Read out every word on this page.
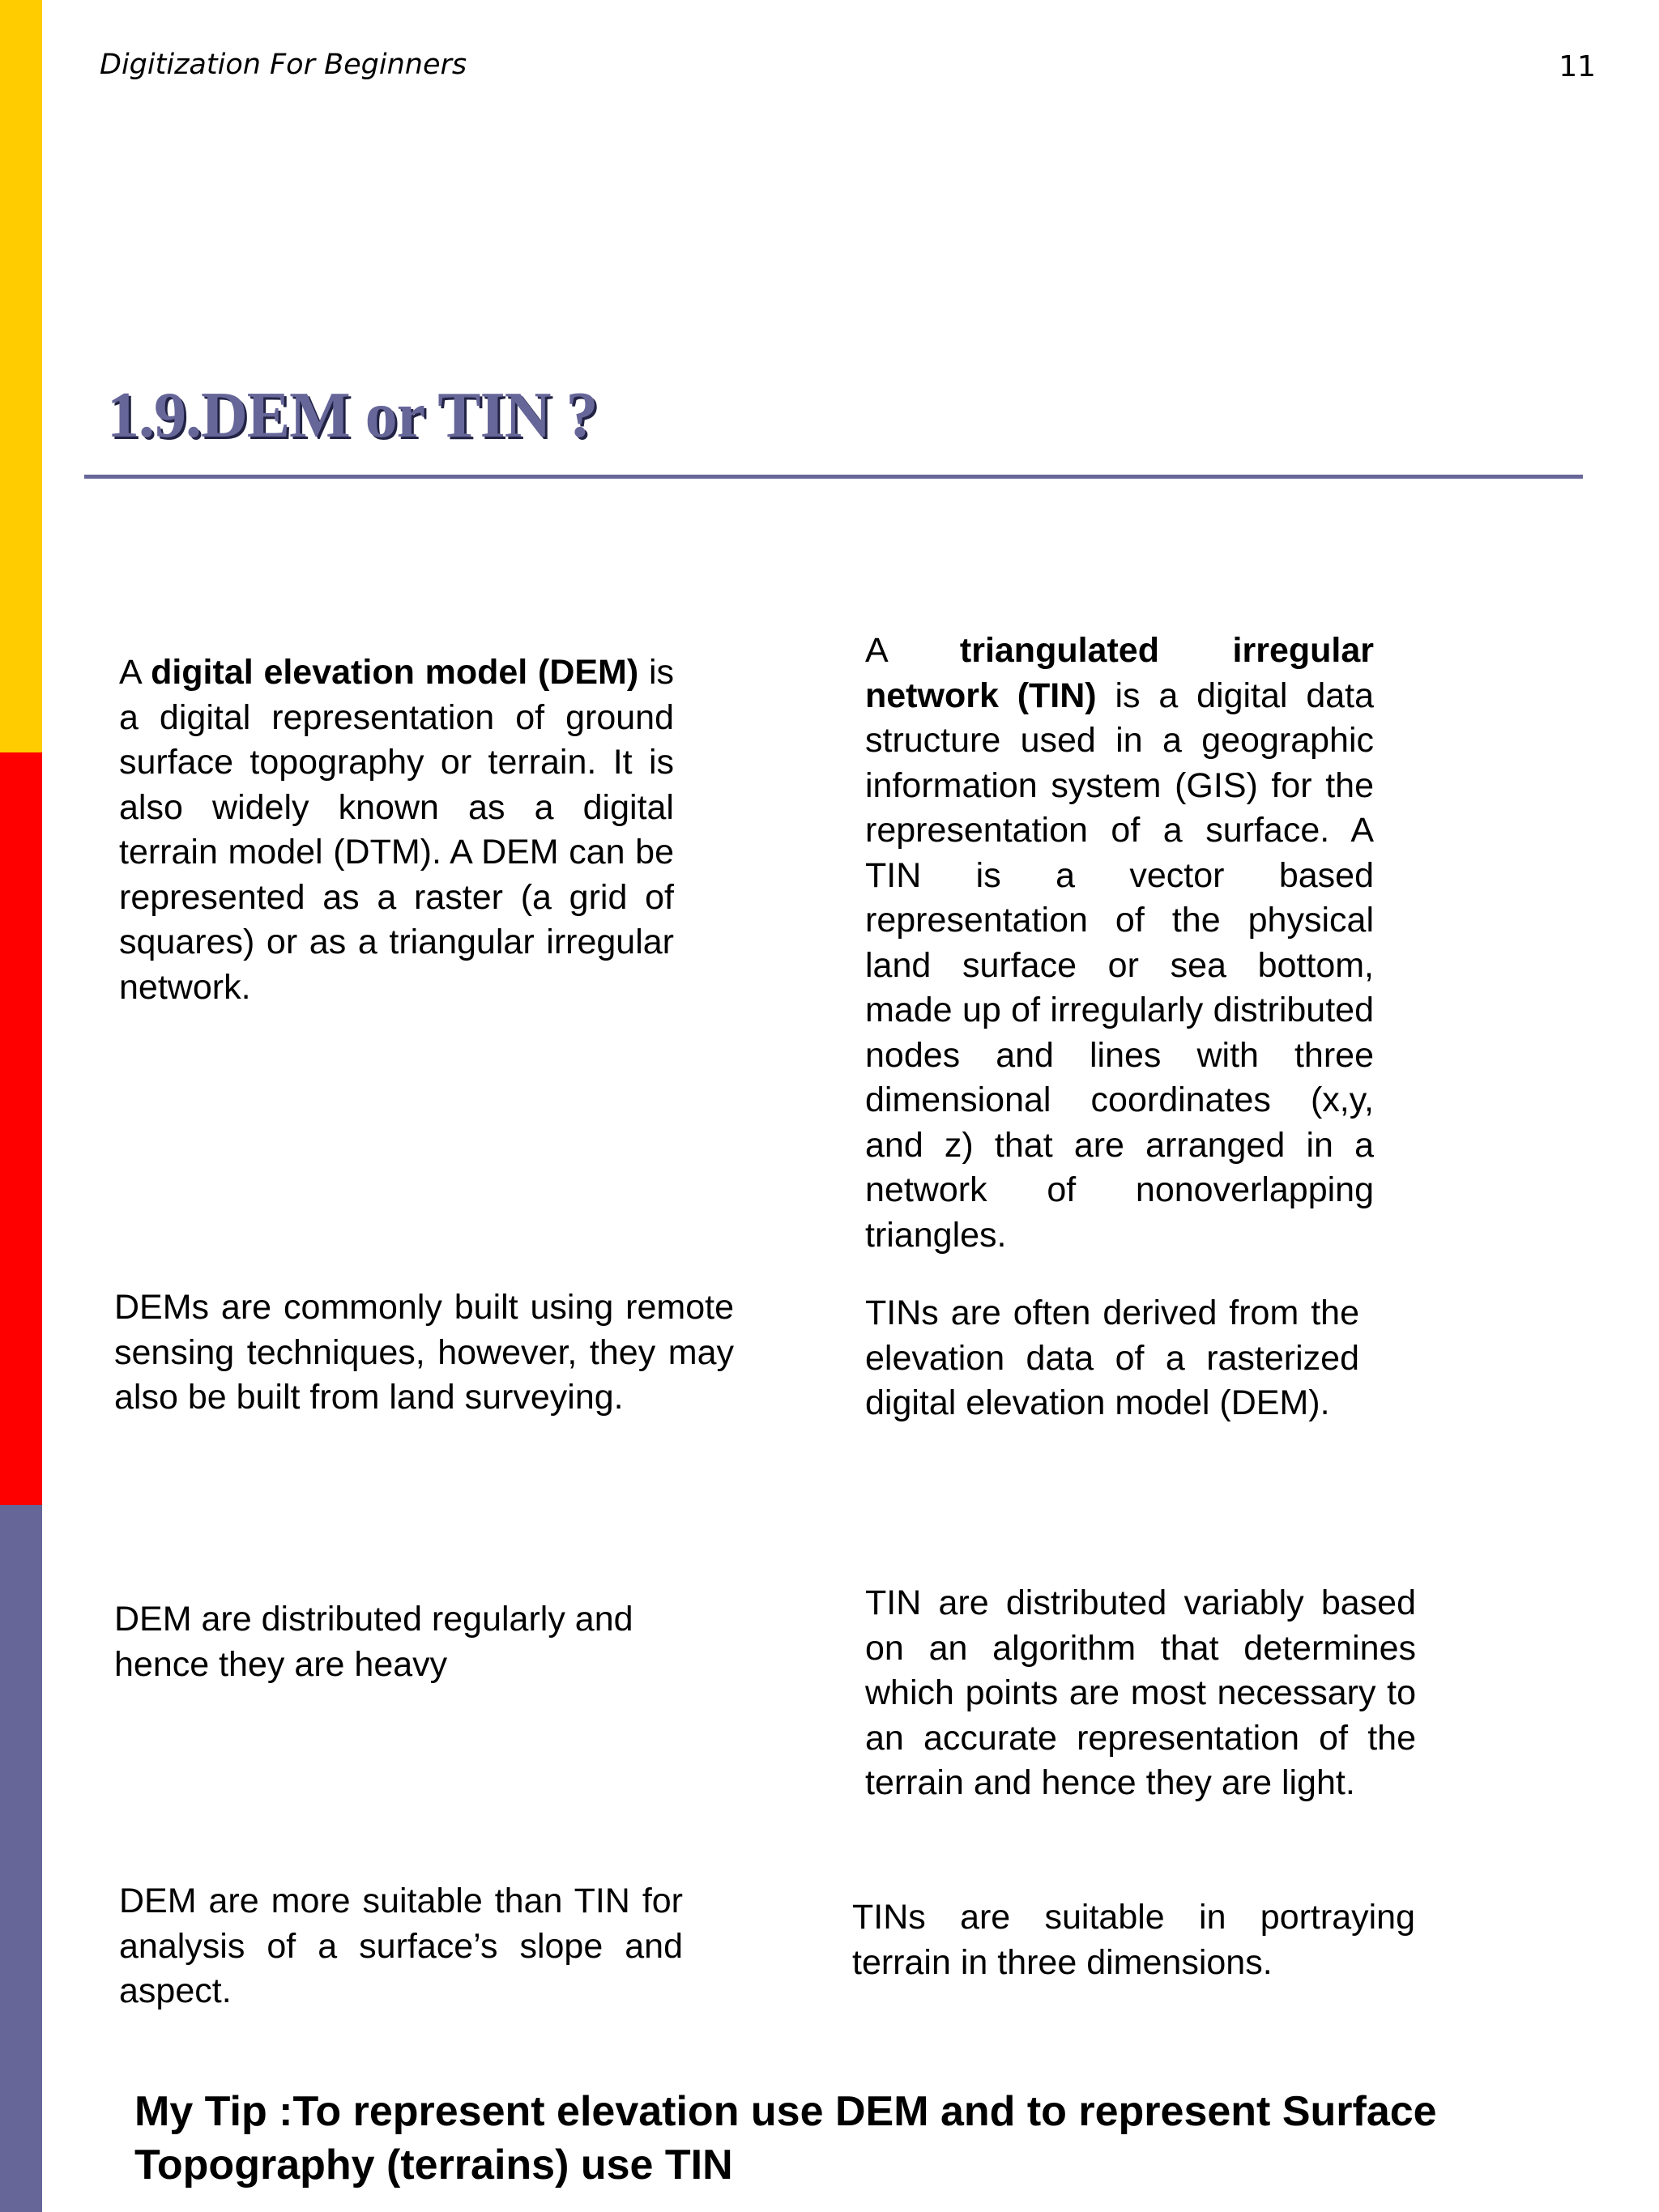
Digitization For Beginners	11
1.9.DEM or TIN ?

A digital elevation model (DEM) is a digital representation of ground surface topography or terrain. It is also widely known as a digital terrain model (DTM). A DEM can be represented as a raster (a grid of squares) or as a triangular irregular network.

A triangulated irregular network (TIN) is a digital data structure used in a geographic information system (GIS) for the representation of a surface. A TIN is a vector based representation of the physical land surface or sea bottom, made up of irregularly distributed nodes and lines with three dimensional coordinates (x,y, and z) that are arranged in a network of nonoverlapping triangles.

DEMs are commonly built using remote sensing techniques, however, they may also be built from land surveying.

TINs are often derived from the elevation data of a rasterized digital elevation model (DEM).

DEM are distributed regularly and hence they are heavy

TIN are distributed variably based on an algorithm that determines which points are most necessary to an accurate representation of the terrain and hence they are light.

DEM are more suitable than TIN for analysis of a surface’s slope and aspect.

TINs are suitable in portraying terrain in three dimensions.

My Tip :To represent elevation use DEM and to represent Surface Topography (terrains) use TIN
